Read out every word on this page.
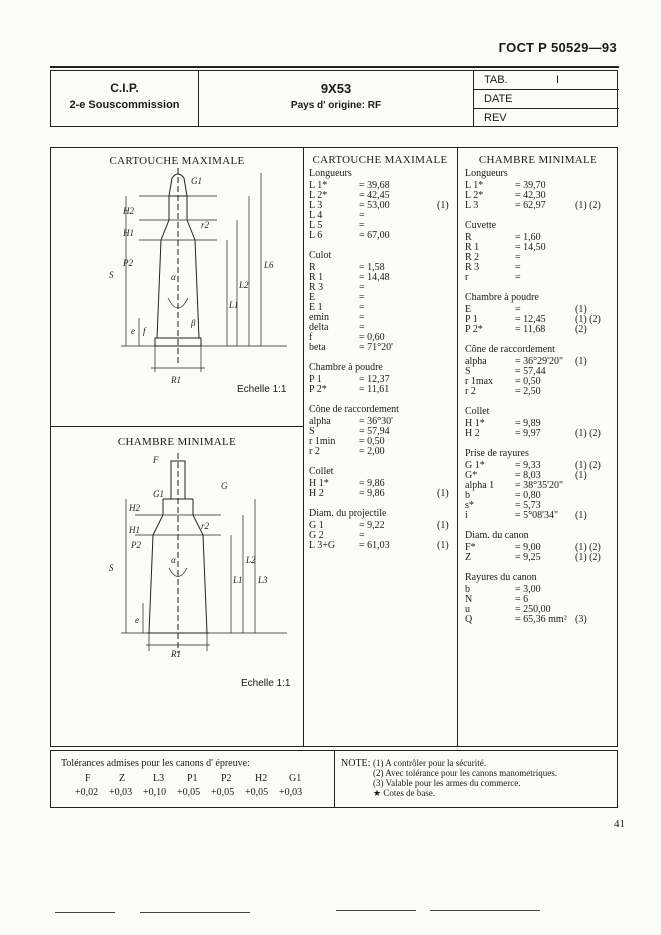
ГОСТ Р 50529—93
C.I.P.
2-e Souscommission
9X53
Pays d' origine: RF
TAB.	I
DATE
REV
CARTOUCHE MAXIMALE
G1
H2
r2
H1
P2
S	α
L6
L2
L1
e f
β
R1
Echelle 1:1
CHAMBRE MINIMALE
F
G1
G
H2
H1
P2
r2
S
α
L1
L2
L3
e
R1
Echelle 1:1
CARTOUCHE MAXIMALE
Longueurs
L 1*	= 39,68
L 2*	= 42,45
L 3	= 53,00	(1)
L 4	=
L 5	=
L 6	= 67,00
Culot
R	= 1,58
R 1	= 14,48
R 3	=
E	=
E 1	=
emin	=
delta	=
f	= 0,60
beta	= 71°20'
Chambre à poudre
P 1	= 12,37
P 2*	= 11,61
Cône de raccordement
alpha	= 36°30'
S	= 57,94
r 1min = 0,50
r 2	= 2,00
Collet
H 1*	= 9,86
H 2	= 9,86	(1)
Diam. du projectile
G 1	= 9,22	(1)
G 2	=
L 3+G = 61,03	(1)
CHAMBRE MINIMALE
Longueurs
L 1*	= 39,70
L 2*	= 42,30
L 3	= 62,97	(1) (2)
Cuvette
R	= 1,60
R 1	= 14,50
R 2	=
R 3	=
r	=
Chambre à poudre
E	=	(1)
P 1	= 12,45	(1) (2)
P 2*	= 11,68	(2)
Cône de raccordement
alpha	= 36°29'20" (1)
S	= 57,44
r 1max = 0,50
r 2	= 2,50
Collet
H 1*	= 9,89
H 2	= 9,97	(1) (2)
Prise de rayures
G 1*	= 9,33	(1) (2)
G*	= 8,03	(1)
alpha 1 = 38°35'20"
b	= 0,80
s*	= 5,73
i	= 5°08'34" (1)
Diam. du canon
F*	= 9,00	(1) (2)
Z	= 9,25	(1) (2)
Rayures du canon
b	= 3,00
N	= 6
u	= 250,00
Q	= 65,36 mm² (3)
Tolérances admises pour les canons d' épreuve:
F	Z	L3 P1 P2 H2 G1
+0,02 +0,03 +0,10 +0,05 +0,05 +0,05 +0,03
NOTE: (1) A contrôler pour la sécurité.
(2) Avec tolérance pour les canons manometriques.
(3) Valable pour les armes du commerce.
★ Cotes de base.
41
